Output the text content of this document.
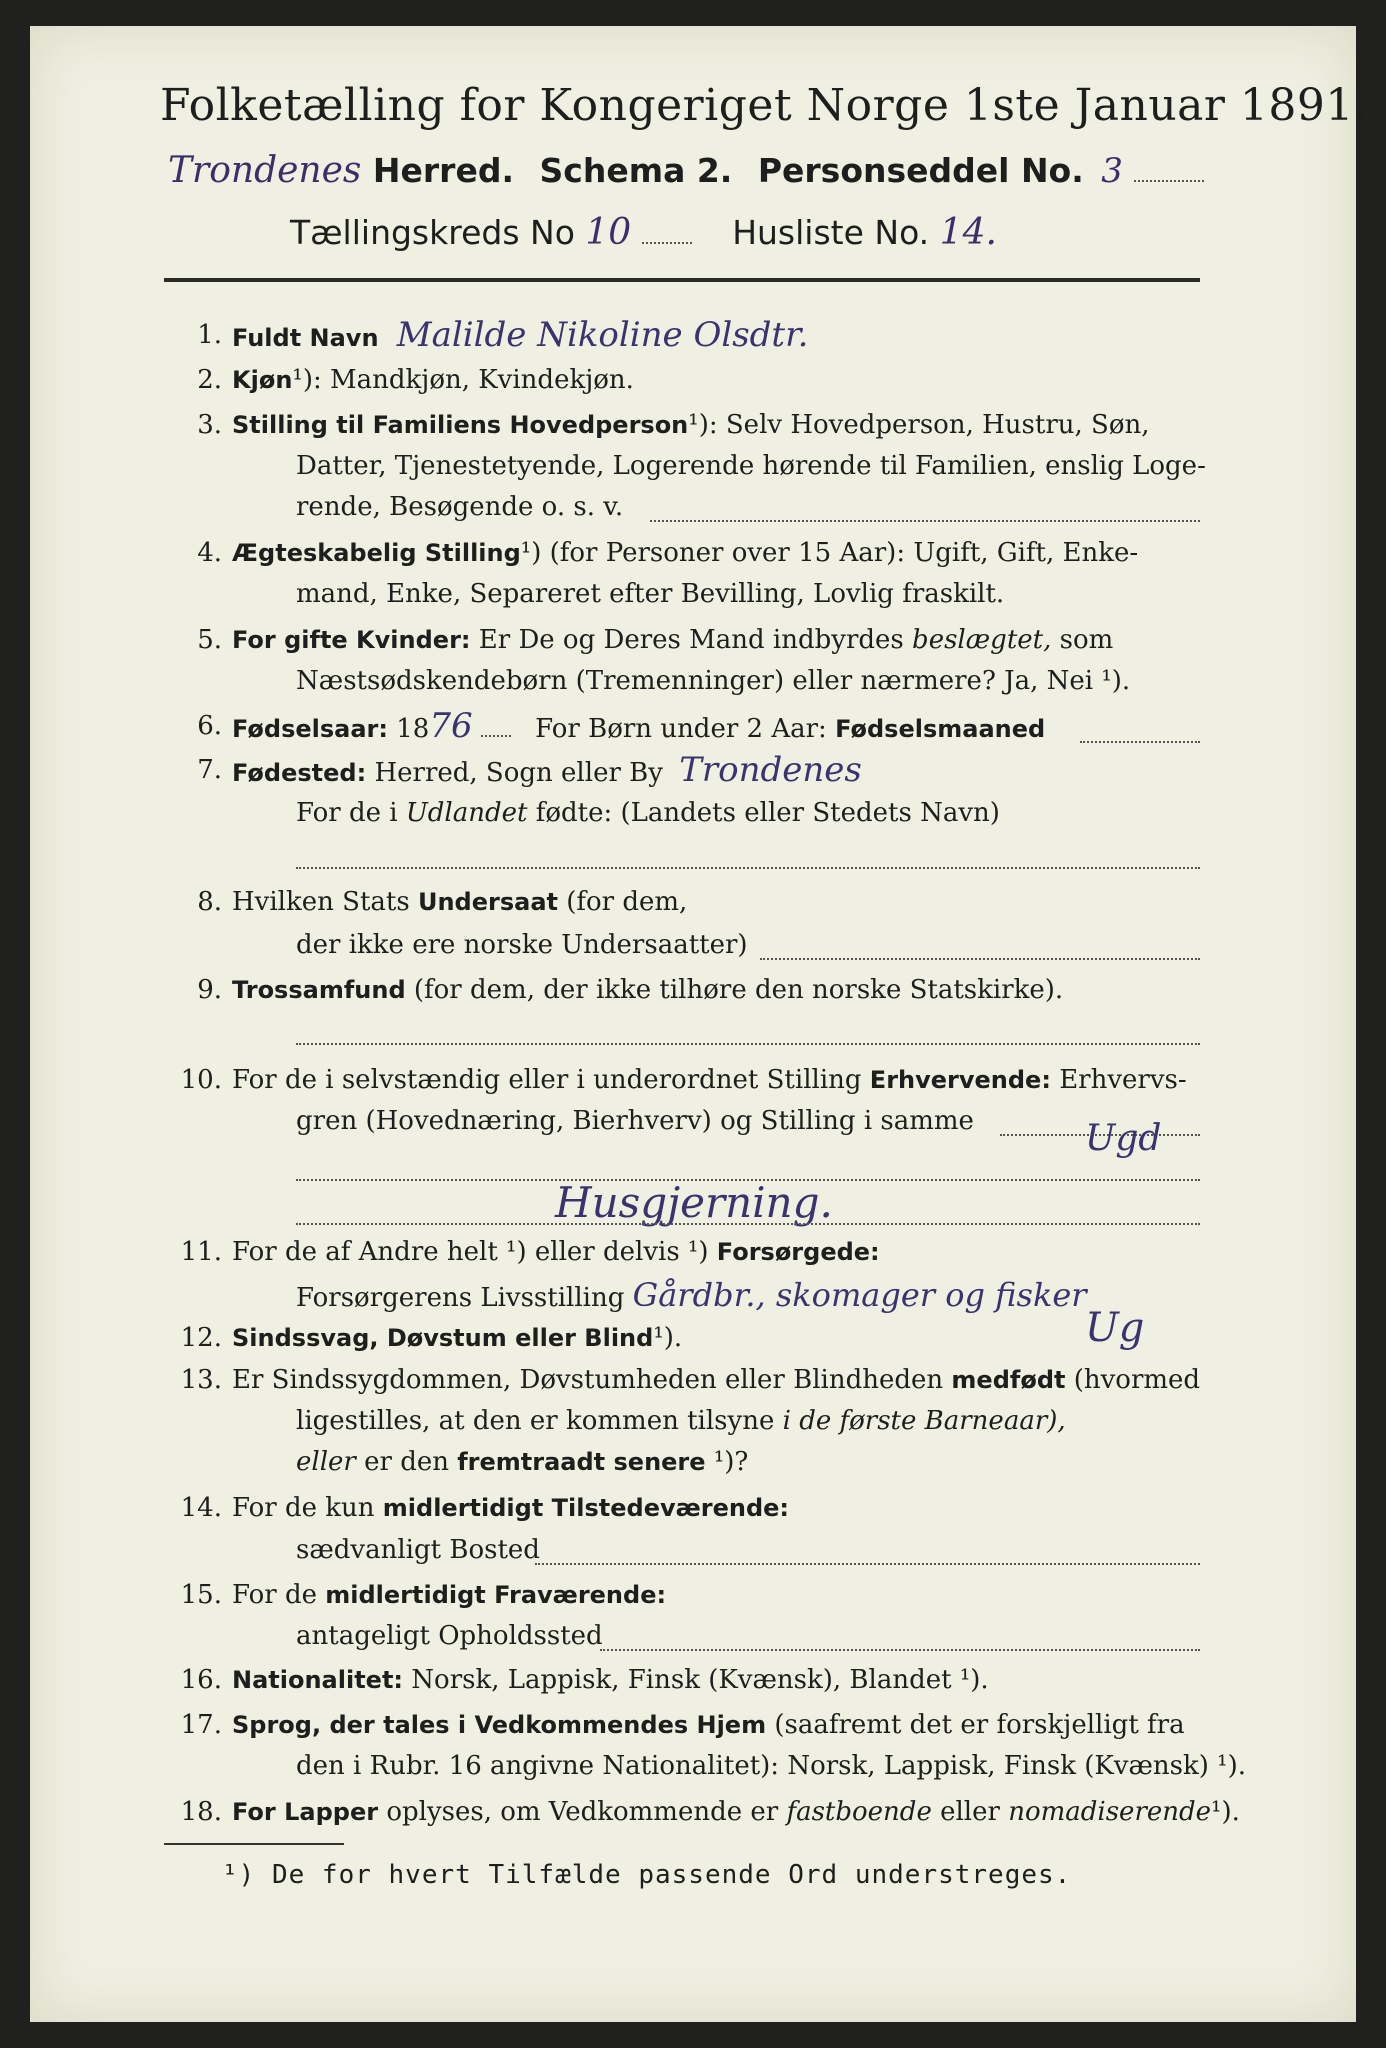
Folketælling for Kongeriget Norge 1ste Januar 1891.
Trondenes Herred. Schema 2. Personseddel No. 3
Tællingskreds No 10	Husliste No. 14.
1. Fuldt Navn Malilde Nikoline Olsdtr.
2. Kjøn¹): Mandkjøn, Kvindekjøn.
3. Stilling til Familiens Hovedperson¹): Selv Hovedperson, Hustru, Søn,
Datter, Tjenestetyende, Logerende hørende til Familien, enslig Loge-
rende, Besøgende o. s. v.
4. Ægteskabelig Stilling¹) (for Personer over 15 Aar): Ugift, Gift, Enke-
mand, Enke, Separeret efter Bevilling, Lovlig fraskilt.
5. For gifte Kvinder: Er De og Deres Mand indbyrdes beslægtet, som
Næstsødskendebørn (Tremenninger) eller nærmere? Ja, Nei ¹).
6. Fødselsaar: 1876 For Børn under 2 Aar: Fødselsmaaned
7. Fødested: Herred, Sogn eller By Trondenes
For de i Udlandet fødte: (Landets eller Stedets Navn)
8. Hvilken Stats Undersaat (for dem,
der ikke ere norske Undersaatter)
9. Trossamfund (for dem, der ikke tilhøre den norske Statskirke).
10. For de i selvstændig eller i underordnet Stilling Erhvervende: Erhvervs-
gren (Hovednæring, Bierhverv) og Stilling i samme	Ugd
Husgjerning.
11. For de af Andre helt ¹) eller delvis ¹) Forsørgede:
Forsørgerens Livsstilling Gårdbr., skomager og fisker
12. Sindssvag, Døvstum eller Blind¹).	Ug
13. Er Sindssygdommen, Døvstumheden eller Blindheden medfødt (hvormed
ligestilles, at den er kommen tilsyne i de første Barneaar),
eller er den fremtraadt senere ¹)?
14. For de kun midlertidigt Tilstedeværende:
sædvanligt Bosted
15. For de midlertidigt Fraværende:
antageligt Opholdssted
16. Nationalitet: Norsk, Lappisk, Finsk (Kvænsk), Blandet ¹).
17. Sprog, der tales i Vedkommendes Hjem (saafremt det er forskjelligt fra
den i Rubr. 16 angivne Nationalitet): Norsk, Lappisk, Finsk (Kvænsk) ¹).
18. For Lapper oplyses, om Vedkommende er fastboende eller nomadiserende¹).
¹) De for hvert Tilfælde passende Ord understreges.
